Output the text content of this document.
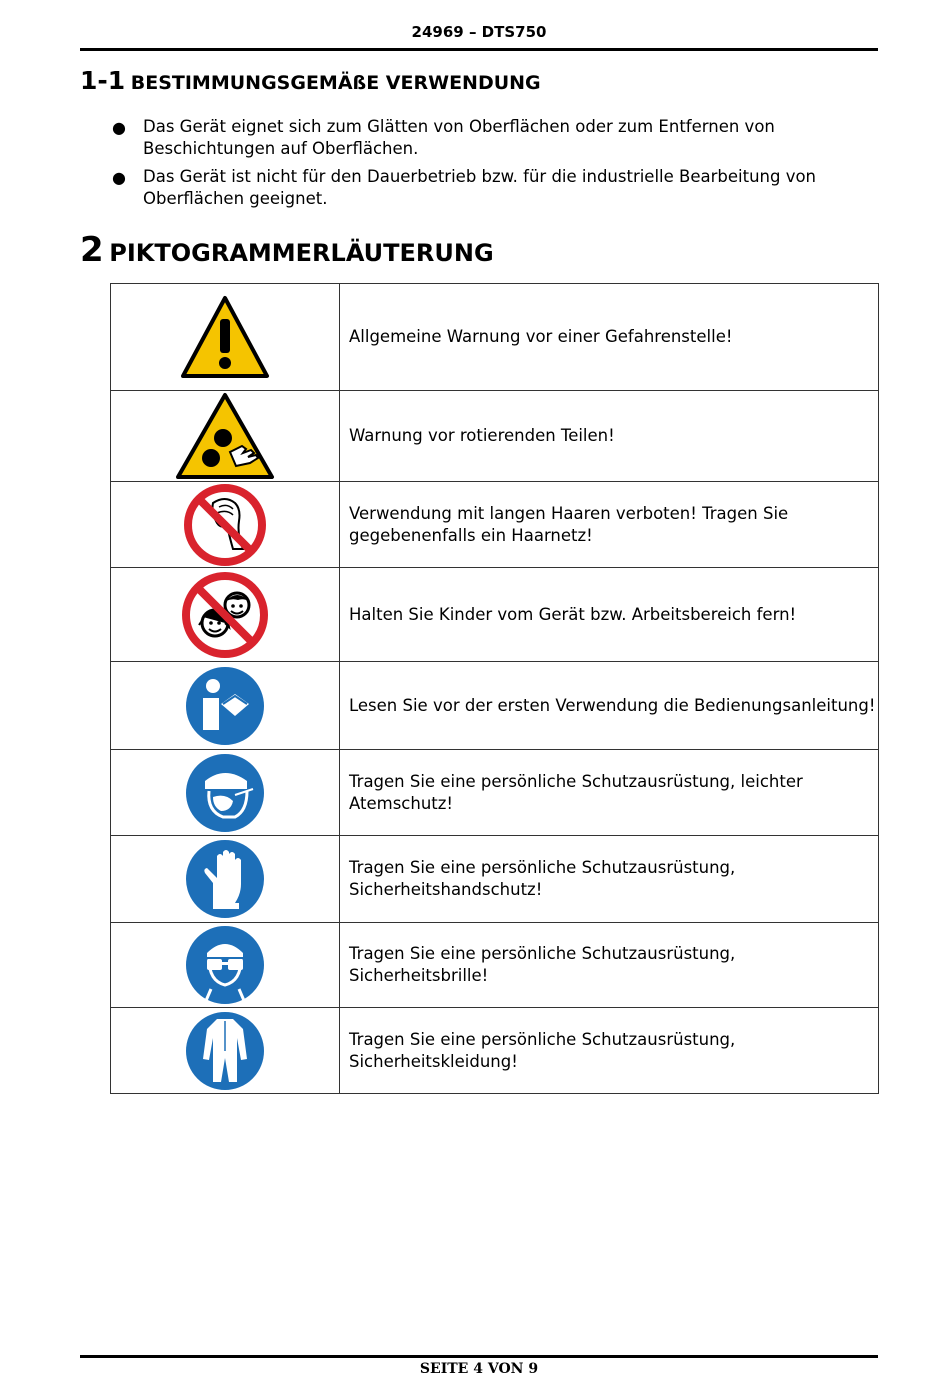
24969 – DTS750
1-1 BESTIMMUNGSGEMÄßE VERWENDUNG
● Das Gerät eignet sich zum Glätten von Oberflächen oder zum Entfernen von Beschichtungen auf Oberflächen.
● Das Gerät ist nicht für den Dauerbetrieb bzw. für die industrielle Bearbeitung von Oberflächen geeignet.
2 PIKTOGRAMMERLÄUTERUNG
	Allgemeine Warnung vor einer Gefahrenstelle!

	Warnung vor rotierenden Teilen!

	Verwendung mit langen Haaren verboten! Tragen Sie gegebenenfalls ein Haarnetz!

	Halten Sie Kinder vom Gerät bzw. Arbeitsbereich fern!

	Lesen Sie vor der ersten Verwendung die Bedienungsanleitung!

	Tragen Sie eine persönliche Schutzausrüstung, leichter Atemschutz!

	Tragen Sie eine persönliche Schutzausrüstung, Sicherheitshandschutz!

	Tragen Sie eine persönliche Schutzausrüstung, Sicherheitsbrille!

	Tragen Sie eine persönliche Schutzausrüstung, Sicherheitskleidung!
SEITE 4 VON 9
